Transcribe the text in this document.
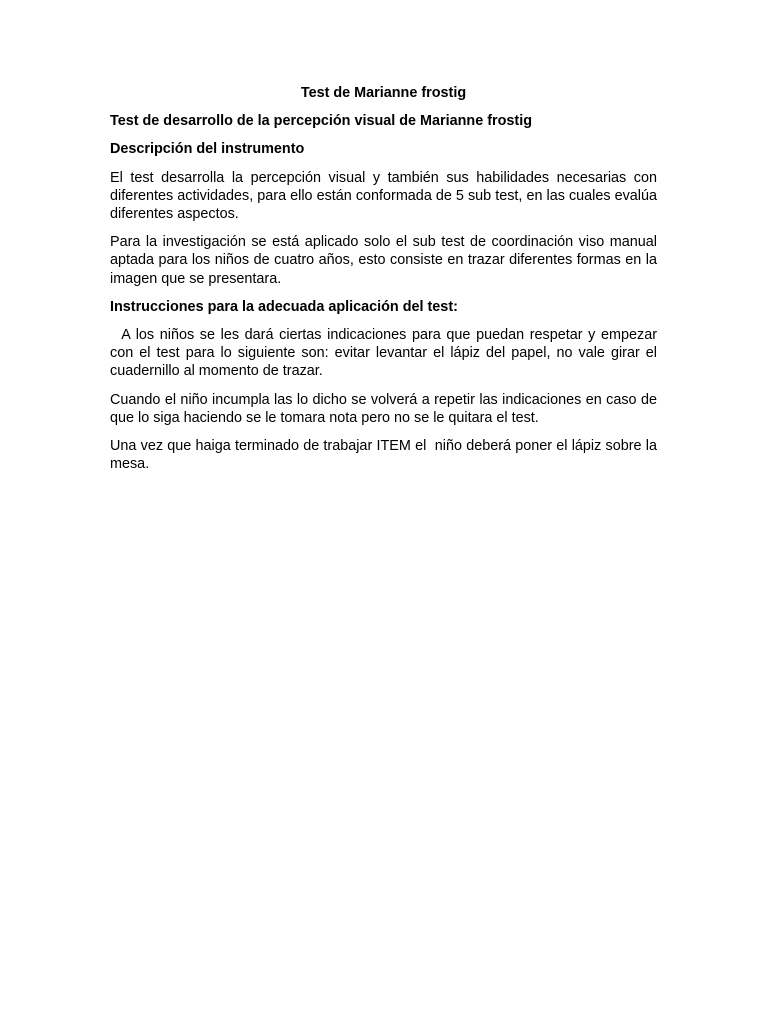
Test de Marianne frostig

Test de desarrollo de la percepción visual de Marianne frostig

Descripción del instrumento

El test desarrolla la percepción visual y también sus habilidades necesarias con diferentes actividades, para ello están conformada de 5 sub test, en las cuales evalúa diferentes aspectos.

Para la investigación se está aplicado solo el sub test de coordinación viso manual aptada para los niños de cuatro años, esto consiste en trazar diferentes formas en la imagen que se presentara.

Instrucciones para la adecuada aplicación del test:

A los niños se les dará ciertas indicaciones para que puedan respetar y empezar con el test para lo siguiente son: evitar levantar el lápiz del papel, no vale girar el cuadernillo al momento de trazar.

Cuando el niño incumpla las lo dicho se volverá a repetir las indicaciones en caso de que lo siga haciendo se le tomara nota pero no se le quitara el test.

Una vez que haiga terminado de trabajar ITEM el  niño deberá poner el lápiz sobre la mesa.
